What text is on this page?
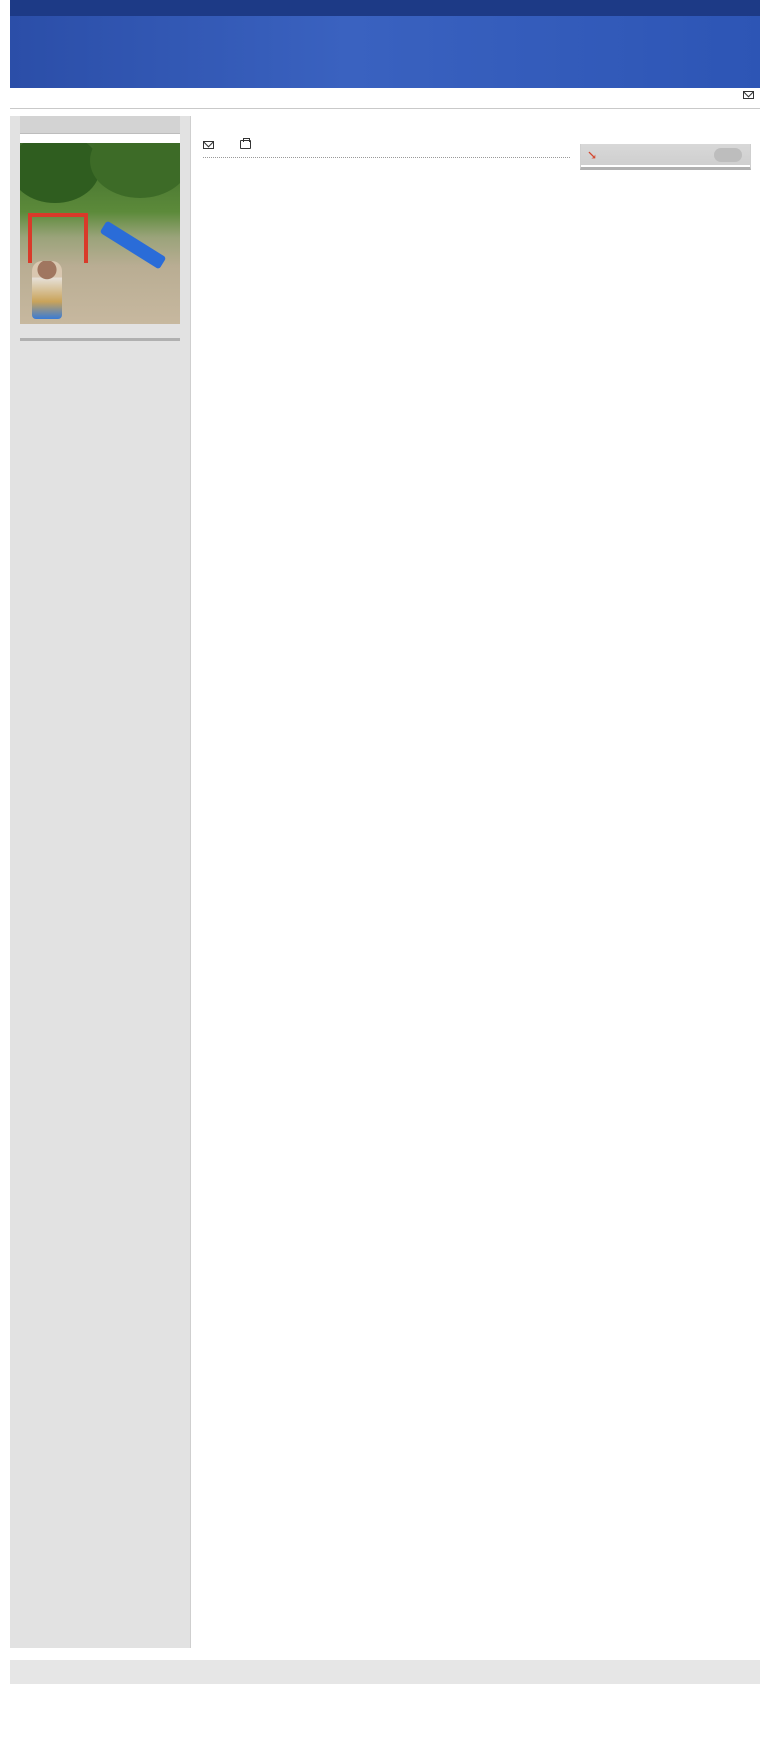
↘
